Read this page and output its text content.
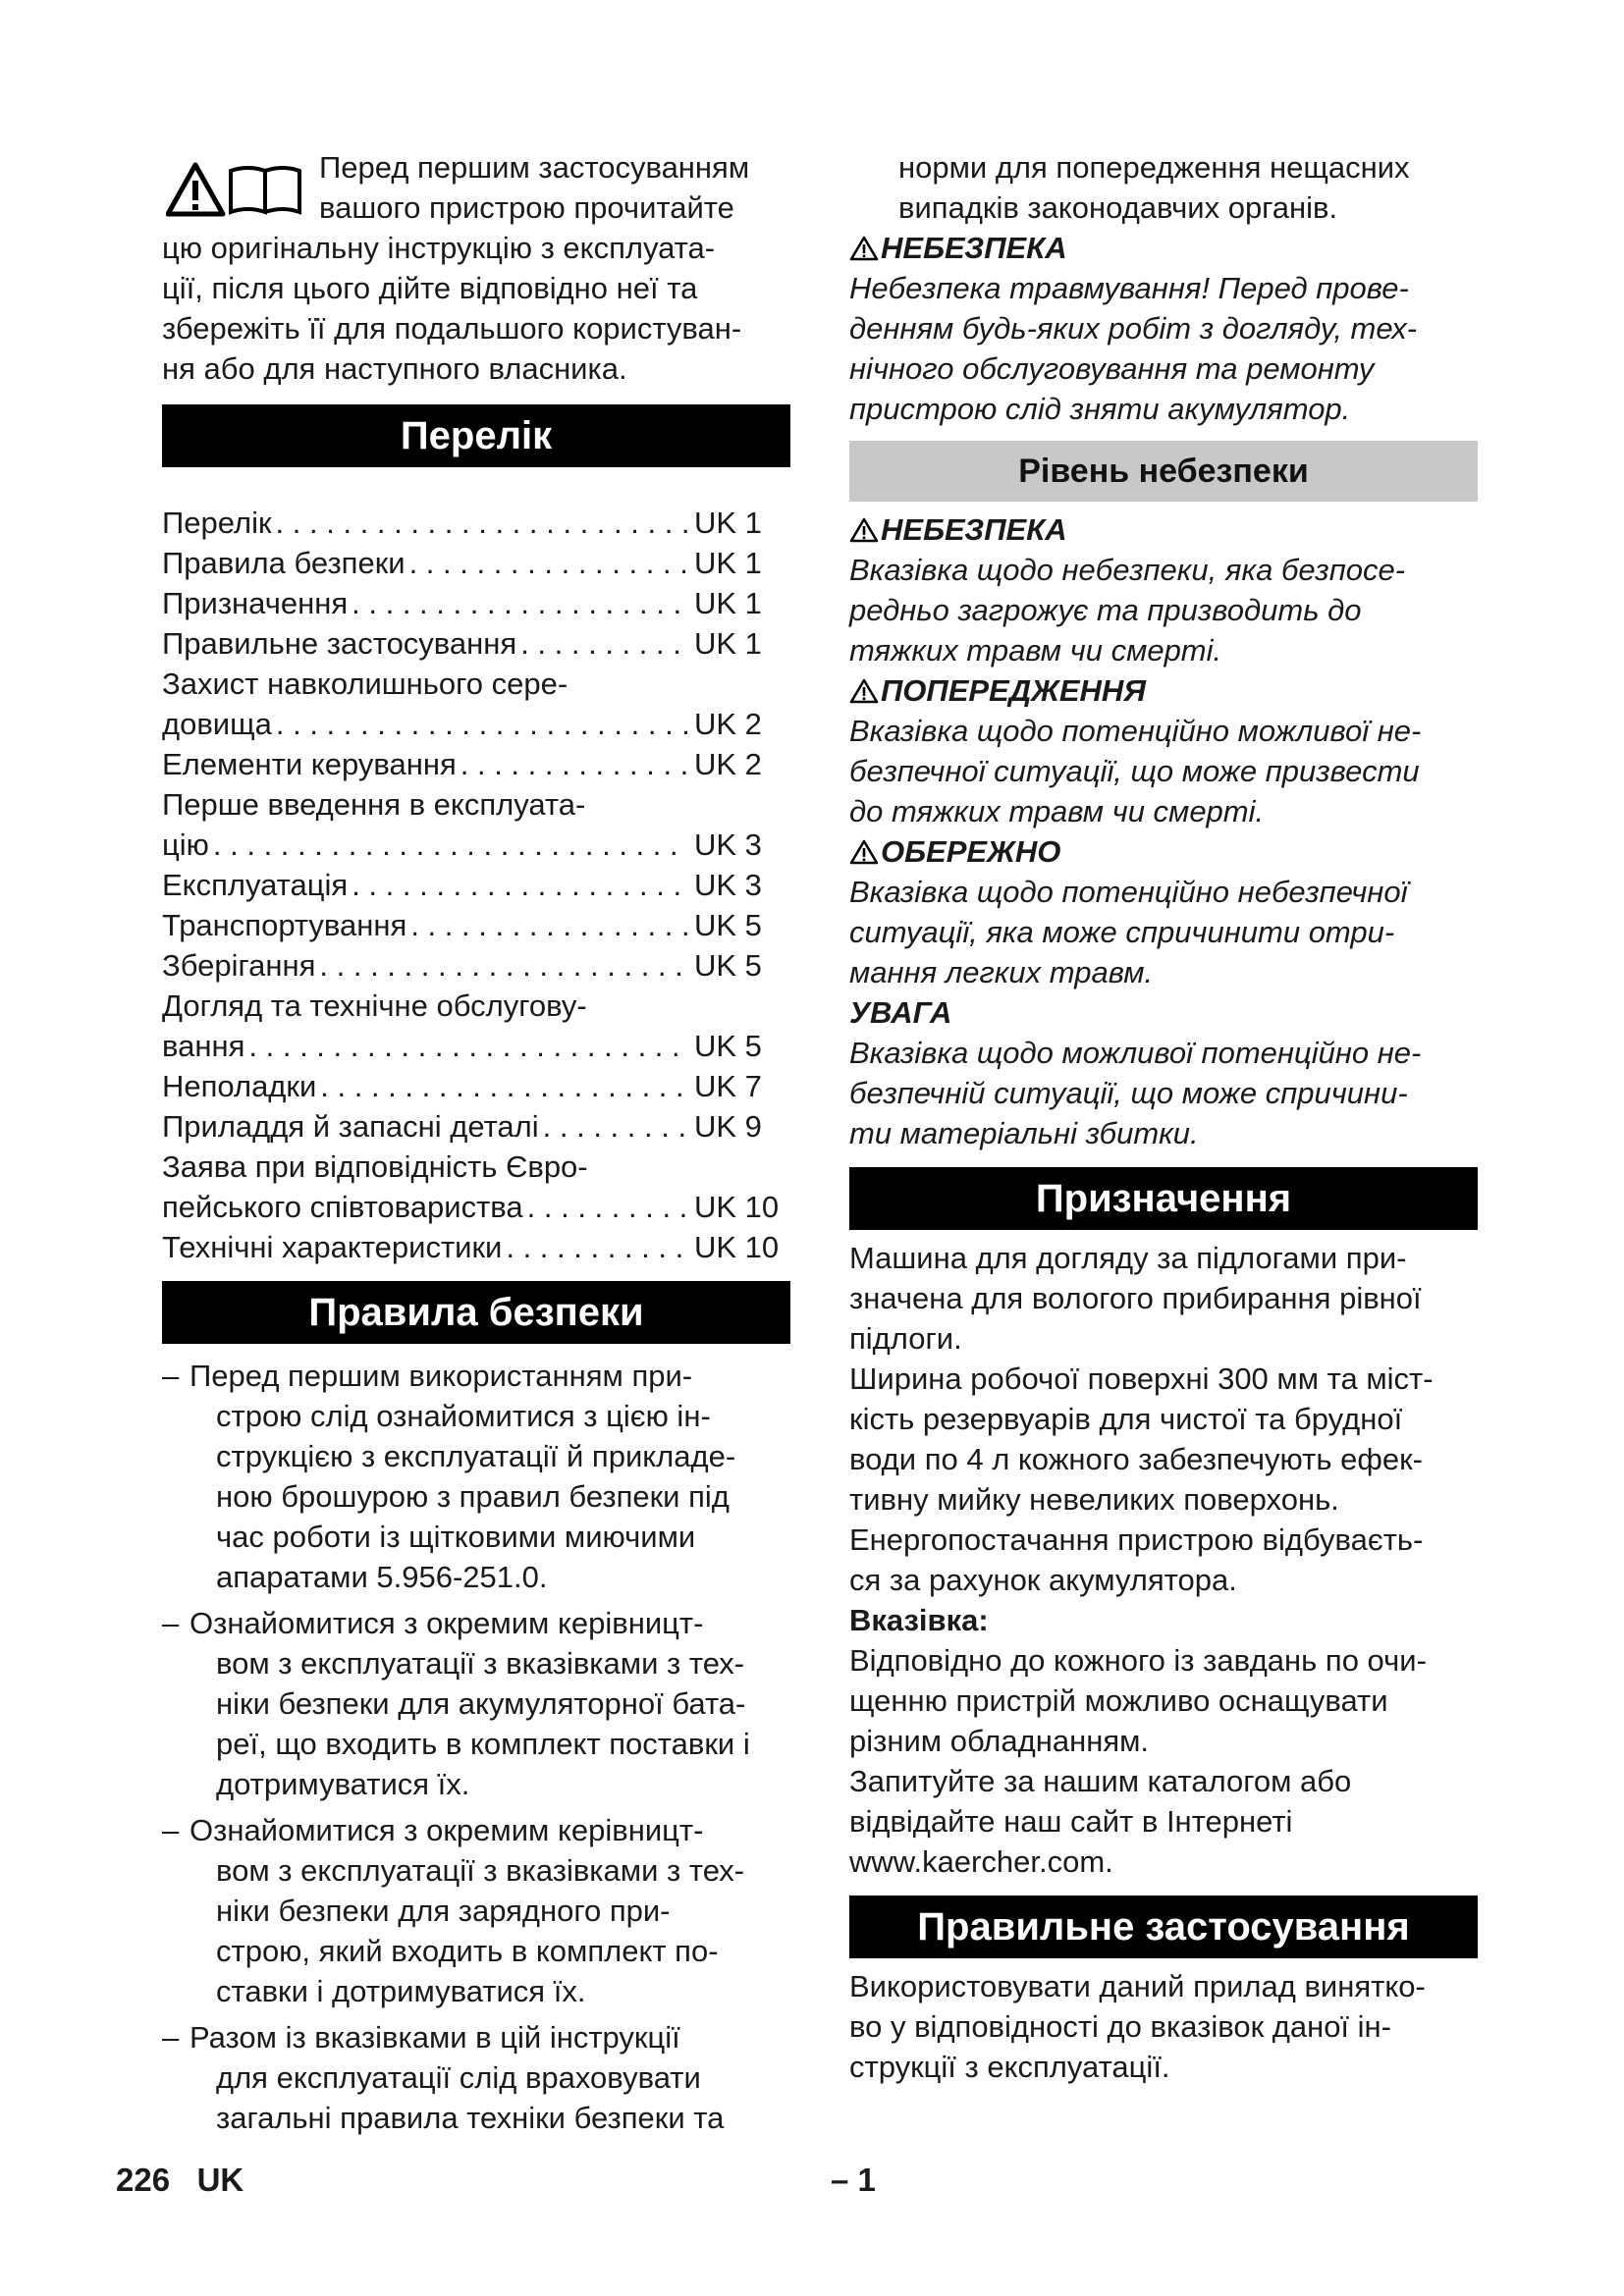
Перед першим застосуванням

вашого пристрою прочитайте

цю оригінальну інструкцію з експлуата-

ції, після цього дійте відповідно неї та

збережіть її для подальшого користуван-

ня або для наступного власника.

Перелік
Перелік . . .	UK 1
Правила безпеки . . .	UK 1
Призначення . . .	UK 1
Правильне застосування . . .	UK 1
Захист навколишнього сере-
довища . . .	UK 2
Елементи керування . . .	UK 2
Перше введення в експлуата-
цію . . .	UK 3
Експлуатація . . .	UK 3
Транспортування . . .	UK 5
Зберігання . . .	UK 5
Догляд та технічне обслугову-
вання . . .	UK 5
Неполадки . . .	UK 7
Приладдя й запасні деталі . . .	UK 9
Заява при відповідність Євро-
пейського співтовариства . . .	UK 10
Технічні характеристики . . .	UK 10
Правила безпеки
– Перед першим використанням при-
строю слід ознайомитися з цією ін-
струкцією з експлуатації й прикладе-
ною брошурою з правил безпеки під
час роботи із щітковими миючими
апаратами 5.956-251.0.
– Ознайомитися з окремим керівницт-
вом з експлуатації з вказівками з тех-
ніки безпеки для акумуляторної бата-
реї, що входить в комплект поставки і
дотримуватися їх.
– Ознайомитися з окремим керівницт-
вом з експлуатації з вказівками з тех-
ніки безпеки для зарядного при-
строю, який входить в комплект по-
ставки і дотримуватися їх.
– Разом із вказівками в цій інструкції
для експлуатації слід враховувати
загальні правила техніки безпеки та
норми для попередження нещасних
випадків законодавчих органів.

НЕБЕЗПЕКА

Небезпека травмування! Перед прове-

денням будь-яких робіт з догляду, тех-

нічного обслуговування та ремонту

пристрою слід зняти акумулятор.

Рівень небезпеки

НЕБЕЗПЕКА

Вказівка щодо небезпеки, яка безпосе-

редньо загрожує та призводить до

тяжких травм чи смерті.

ПОПЕРЕДЖЕННЯ

Вказівка щодо потенційно можливої не-

безпечної ситуації, що може призвести

до тяжких травм чи смерті.

ОБЕРЕЖНО

Вказівка щодо потенційно небезпечної

ситуації, яка може спричинити отри-

мання легких травм.

УВАГА

Вказівка щодо можливої потенційно не-

безпечній ситуації, що може спричини-

ти матеріальні збитки.

Призначення

Машина для догляду за підлогами при-

значена для вологого прибирання рівної

підлоги.

Ширина робочої поверхні 300 мм та міст-

кість резервуарів для чистої та брудної

води по 4 л кожного забезпечують ефек-

тивну мийку невеликих поверхонь.

Енергопостачання пристрою відбуваєть-

ся за рахунок акумулятора.

Вказівка:

Відповідно до кожного із завдань по очи-

щенню пристрій можливо оснащувати

різним обладнанням.

Запитуйте за нашим каталогом або

відвідайте наш сайт в Інтернеті

www.kaercher.com.

Правильне застосування

Використовувати даний прилад винятко-

во у відповідності до вказівок даної ін-

струкції з експлуатації.

226 UK	– 1
